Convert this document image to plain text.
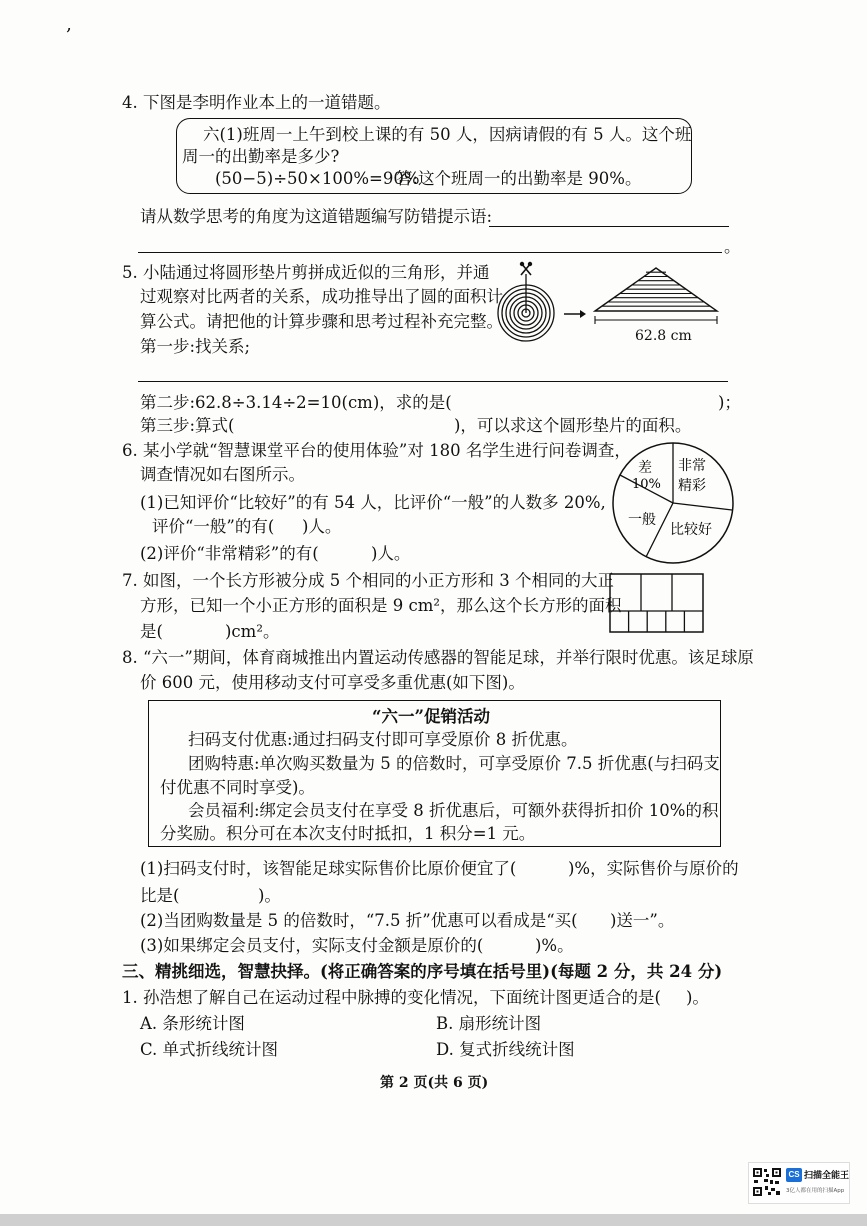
‚
4. 下图是李明作业本上的一道错题。
六(1)班周一上午到校上课的有 50 人，因病请假的有 5 人。这个班
周一的出勤率是多少?
(50−5)÷50×100%=90%
答:这个班周一的出勤率是 90%。
请从数学思考的角度为这道错题编写防错提示语:
。
5. 小陆通过将圆形垫片剪拼成近似的三角形，并通
过观察对比两者的关系，成功推导出了圆的面积计
算公式。请把他的计算步骤和思考过程补充完整。
第一步:找关系;
62.8 cm
第二步:62.8÷3.14÷2=10(cm)，求的是(	)；
第三步:算式(	)，可以求这个圆形垫片的面积。
6. 某小学就“智慧课堂平台的使用体验”对 180 名学生进行问卷调查，
调查情况如右图所示。
(1)已知评价“比较好”的有 54 人，比评价“一般”的人数多 20%,
评价“一般”的有( )人。
(2)评价“非常精彩”的有(	)人。
差
10%
非常
精彩
一般
比较好
7. 如图，一个长方形被分成 5 个相同的小正方形和 3 个相同的大正
方形，已知一个小正方形的面积是 9 cm²，那么这个长方形的面积
是(	)cm²。
8. “六一”期间，体育商城推出内置运动传感器的智能足球，并举行限时优惠。该足球原
价 600 元，使用移动支付可享受多重优惠(如下图)。
“六一”促销活动
扫码支付优惠:通过扫码支付即可享受原价 8 折优惠。
团购特惠:单次购买数量为 5 的倍数时，可享受原价 7.5 折优惠(与扫码支
付优惠不同时享受)。
会员福利:绑定会员支付在享受 8 折优惠后，可额外获得折扣价 10%的积
分奖励。积分可在本次支付时抵扣，1 积分=1 元。
(1)扫码支付时，该智能足球实际售价比原价便宜了(	)%，实际售价与原价的
比是(	)。
(2)当团购数量是 5 的倍数时，“7.5 折”优惠可以看成是“买( )送一”。
(3)如果绑定会员支付，实际支付金额是原价的(	)%。
三、精挑细选，智慧抉择。(将正确答案的序号填在括号里)(每题 2 分，共 24 分)
1. 孙浩想了解自己在运动过程中脉搏的变化情况，下面统计图更适合的是( )。
A. 条形统计图	B. 扇形统计图
C. 单式折线统计图	D. 复式折线统计图
第 2 页(共 6 页)
CS 扫描全能王
3亿人都在用的扫描App
